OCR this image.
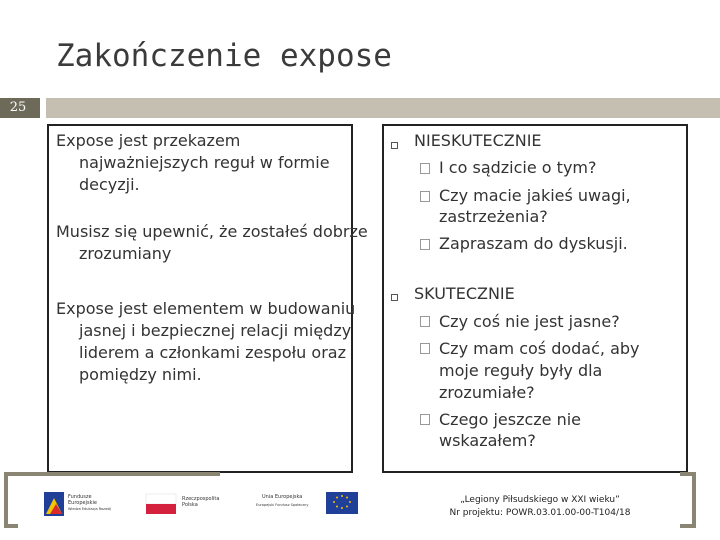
Zakończenie expose
25
Expose jest przekazem najważniejszych reguł w formie decyzji.
Musisz się upewnić, że zostałeś dobrze zrozumiany
Expose jest elementem w budowaniu jasnej i bezpiecznej relacji między liderem a członkami zespołu oraz pomiędzy nimi.
NIESKUTECZNIE
I co sądzicie o tym?
Czy macie jakieś uwagi,
zastrzeżenia?
Zapraszam do dyskusji.
SKUTECZNIE
Czy coś nie jest jasne?
Czy mam coś dodać, aby
moje reguły były dla
zrozumiałe?
Czego jeszcze nie
wskazałem?
Fundusze
Europejskie
Wiedza Edukacja Rozwój
Rzeczpospolita
Polska
Unia Europejska
Europejski Fundusz Społeczny	„Legiony Piłsudskiego w XXI wieku”
Nr projektu: POWR.03.01.00-00-T104/18
